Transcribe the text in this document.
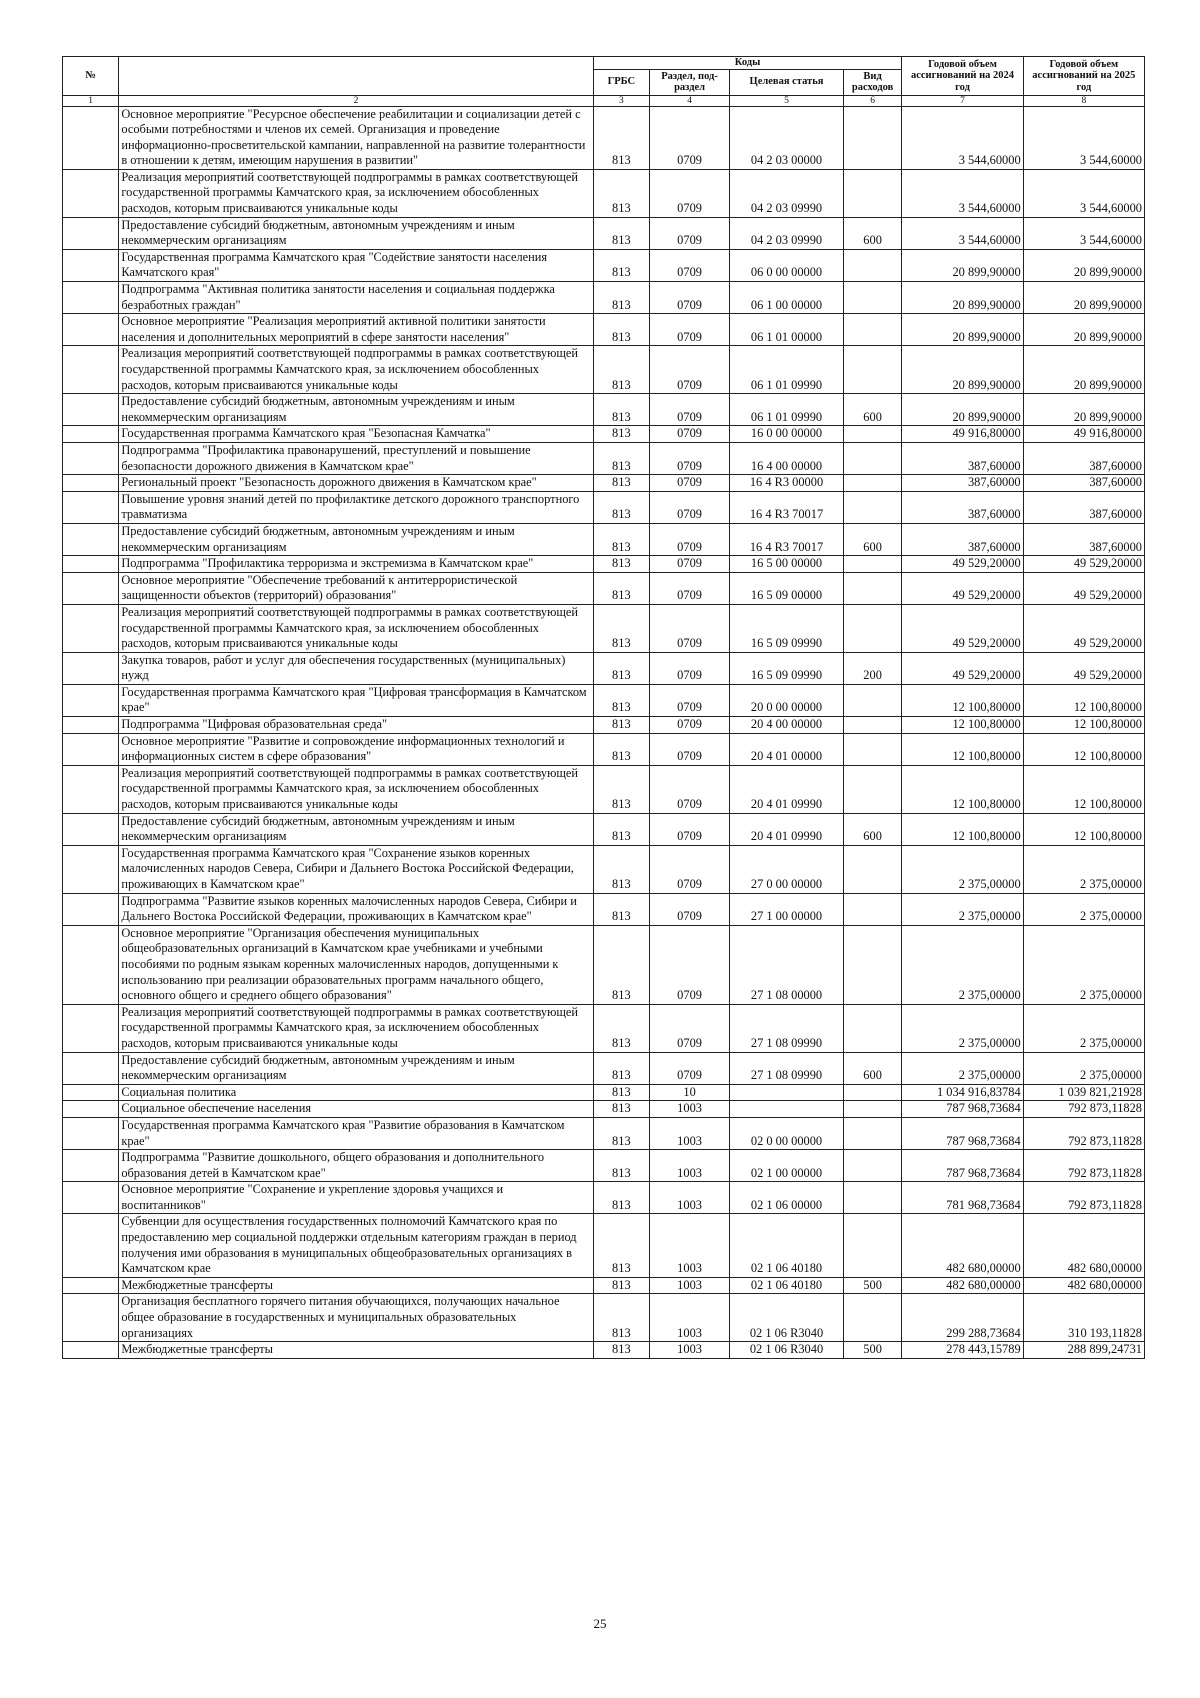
№		Коды				Годовой объем ассигнований на 2024 год	Годовой объем ассигнований на 2025 год
		ГРБС	Раздел, под-раздел	Целевая статья	Вид расходов		
1	2	3	4	5	6	7	8
	Основное мероприятие "Ресурсное обеспечение реабилитации и социализации детей с особыми потребностями и членов их семей. Организация и проведение информационно-просветительской кампании, направленной на развитие толерантности в отношении к детям, имеющим нарушения в развитии"	813	0709	04 2 03 00000		3 544,60000	3 544,60000
	Реализация мероприятий соответствующей подпрограммы в рамках соответствующей государственной программы Камчатского края, за исключением обособленных расходов, которым присваиваются уникальные коды	813	0709	04 2 03 09990		3 544,60000	3 544,60000
	Предоставление субсидий бюджетным, автономным учреждениям и иным некоммерческим организациям	813	0709	04 2 03 09990	600	3 544,60000	3 544,60000
	Государственная программа Камчатского края "Содействие занятости населения Камчатского края"	813	0709	06 0 00 00000		20 899,90000	20 899,90000
	Подпрограмма "Активная политика занятости населения и социальная поддержка безработных граждан"	813	0709	06 1 00 00000		20 899,90000	20 899,90000
	Основное мероприятие "Реализация мероприятий активной политики занятости населения и дополнительных мероприятий в сфере занятости населения"	813	0709	06 1 01 00000		20 899,90000	20 899,90000
	Реализация мероприятий соответствующей подпрограммы в рамках соответствующей государственной программы Камчатского края, за исключением обособленных расходов, которым присваиваются уникальные коды	813	0709	06 1 01 09990		20 899,90000	20 899,90000
	Предоставление субсидий бюджетным, автономным учреждениям и иным некоммерческим организациям	813	0709	06 1 01 09990	600	20 899,90000	20 899,90000
	Государственная программа Камчатского края "Безопасная Камчатка"	813	0709	16 0 00 00000		49 916,80000	49 916,80000
	Подпрограмма "Профилактика правонарушений, преступлений и повышение безопасности дорожного движения в Камчатском крае"	813	0709	16 4 00 00000		387,60000	387,60000
	Региональный проект "Безопасность дорожного движения в Камчатском крае"	813	0709	16 4 R3 00000		387,60000	387,60000
	Повышение уровня знаний детей по профилактике детского дорожного транспортного травматизма	813	0709	16 4 R3 70017		387,60000	387,60000
	Предоставление субсидий бюджетным, автономным учреждениям и иным некоммерческим организациям	813	0709	16 4 R3 70017	600	387,60000	387,60000
	Подпрограмма "Профилактика терроризма и экстремизма в Камчатском крае"	813	0709	16 5 00 00000		49 529,20000	49 529,20000
	Основное мероприятие "Обеспечение требований к антитеррористической защищенности объектов (территорий) образования"	813	0709	16 5 09 00000		49 529,20000	49 529,20000
	Реализация мероприятий соответствующей подпрограммы в рамках соответствующей государственной программы Камчатского края, за исключением обособленных расходов, которым присваиваются уникальные коды	813	0709	16 5 09 09990		49 529,20000	49 529,20000
	Закупка товаров, работ и услуг для обеспечения государственных (муниципальных) нужд	813	0709	16 5 09 09990	200	49 529,20000	49 529,20000
	Государственная программа Камчатского края "Цифровая трансформация в Камчатском крае"	813	0709	20 0 00 00000		12 100,80000	12 100,80000
	Подпрограмма "Цифровая образовательная среда"	813	0709	20 4 00 00000		12 100,80000	12 100,80000
	Основное мероприятие "Развитие и сопровождение информационных технологий и информационных систем в сфере образования"	813	0709	20 4 01 00000		12 100,80000	12 100,80000
	Реализация мероприятий соответствующей подпрограммы в рамках соответствующей государственной программы Камчатского края, за исключением обособленных расходов, которым присваиваются уникальные коды	813	0709	20 4 01 09990		12 100,80000	12 100,80000
	Предоставление субсидий бюджетным, автономным учреждениям и иным некоммерческим организациям	813	0709	20 4 01 09990	600	12 100,80000	12 100,80000
	Государственная программа Камчатского края "Сохранение языков коренных малочисленных народов Севера, Сибири и Дальнего Востока Российской Федерации, проживающих в Камчатском крае"	813	0709	27 0 00 00000		2 375,00000	2 375,00000
	Подпрограмма "Развитие языков коренных малочисленных народов Севера, Сибири и Дальнего Востока Российской Федерации, проживающих в Камчатском крае"	813	0709	27 1 00 00000		2 375,00000	2 375,00000
	Основное мероприятие "Организация обеспечения муниципальных общеобразовательных организаций в Камчатском крае учебниками и учебными пособиями по родным языкам коренных малочисленных народов, допущенными к использованию при реализации образовательных программ начального общего, основного общего и среднего общего образования"	813	0709	27 1 08 00000		2 375,00000	2 375,00000
	Реализация мероприятий соответствующей подпрограммы в рамках соответствующей государственной программы Камчатского края, за исключением обособленных расходов, которым присваиваются уникальные коды	813	0709	27 1 08 09990		2 375,00000	2 375,00000
	Предоставление субсидий бюджетным, автономным учреждениям и иным некоммерческим организациям	813	0709	27 1 08 09990	600	2 375,00000	2 375,00000
	Социальная политика	813	10			1 034 916,83784	1 039 821,21928
	Социальное обеспечение населения	813	1003			787 968,73684	792 873,11828
	Государственная программа Камчатского края "Развитие образования в Камчатском крае"	813	1003	02 0 00 00000		787 968,73684	792 873,11828
	Подпрограмма "Развитие дошкольного, общего образования и дополнительного образования детей в Камчатском крае"	813	1003	02 1 00 00000		787 968,73684	792 873,11828
	Основное мероприятие "Сохранение и укрепление здоровья учащихся и воспитанников"	813	1003	02 1 06 00000		781 968,73684	792 873,11828
	Субвенции для осуществления государственных полномочий Камчатского края по предоставлению мер социальной поддержки отдельным категориям граждан в период получения ими образования в муниципальных общеобразовательных организациях в Камчатском крае	813	1003	02 1 06 40180		482 680,00000	482 680,00000
	Межбюджетные трансферты	813	1003	02 1 06 40180	500	482 680,00000	482 680,00000
	Организация бесплатного горячего питания обучающихся, получающих начальное общее образование в государственных и муниципальных образовательных организациях	813	1003	02 1 06 R3040		299 288,73684	310 193,11828
	Межбюджетные трансферты	813	1003	02 1 06 R3040	500	278 443,15789	288 899,24731
25
